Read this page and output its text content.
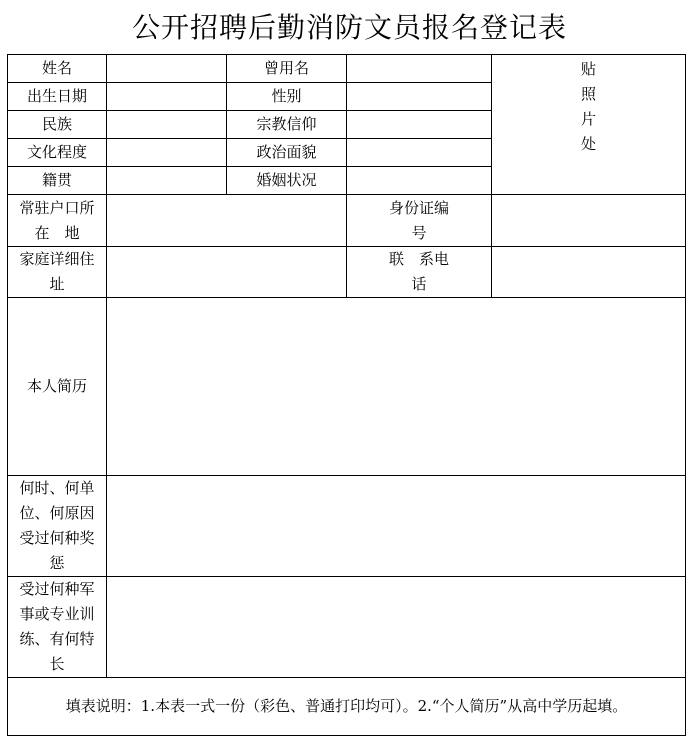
公开招聘后勤消防文员报名登记表
姓名		曾用名		贴照片处
出生日期		性别		
民族		宗教信仰		
文化程度		政治面貌		
籍贯		婚姻状况		
常驻户口所在　地			身份证编　号	
家庭详细住　址			联　系电　话	
本人简历				
何时、何单位、何原因受过何种奖惩				
受过何种军事或专业训练、有何特长				
填表说明：1.本表一式一份（彩色、普通打印均可）。2.“个人简历”从高中学历起填。				
